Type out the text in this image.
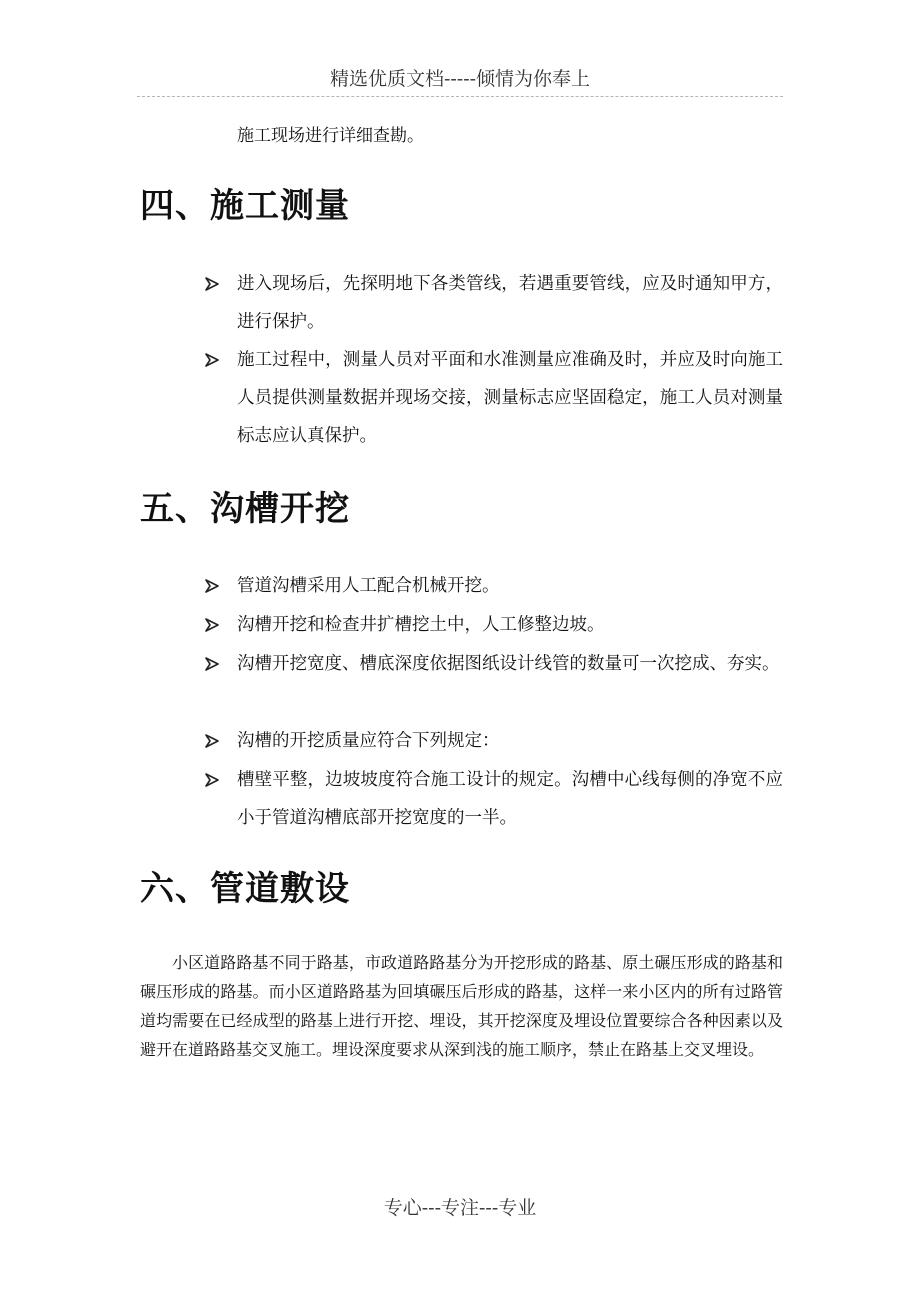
精选优质文档-----倾情为你奉上
施工现场进行详细查勘。
四、施工测量
进入现场后，先探明地下各类管线，若遇重要管线，应及时通知甲方，进行保护。
施工过程中，测量人员对平面和水准测量应准确及时，并应及时向施工人员提供测量数据并现场交接，测量标志应坚固稳定，施工人员对测量标志应认真保护。
五、沟槽开挖
管道沟槽采用人工配合机械开挖。
沟槽开挖和检查井扩槽挖土中，人工修整边坡。
沟槽开挖宽度、槽底深度依据图纸设计线管的数量可一次挖成、夯实。
沟槽的开挖质量应符合下列规定：
槽壁平整，边坡坡度符合施工设计的规定。沟槽中心线每侧的净宽不应小于管道沟槽底部开挖宽度的一半。
六、管道敷设
小区道路路基不同于路基，市政道路路基分为开挖形成的路基、原土碾压形成的路基和碾压形成的路基。而小区道路路基为回填碾压后形成的路基，这样一来小区内的所有过路管道均需要在已经成型的路基上进行开挖、埋设，其开挖深度及埋设位置要综合各种因素以及避开在道路路基交叉施工。埋设深度要求从深到浅的施工顺序，禁止在路基上交叉埋设。
专心---专注---专业
